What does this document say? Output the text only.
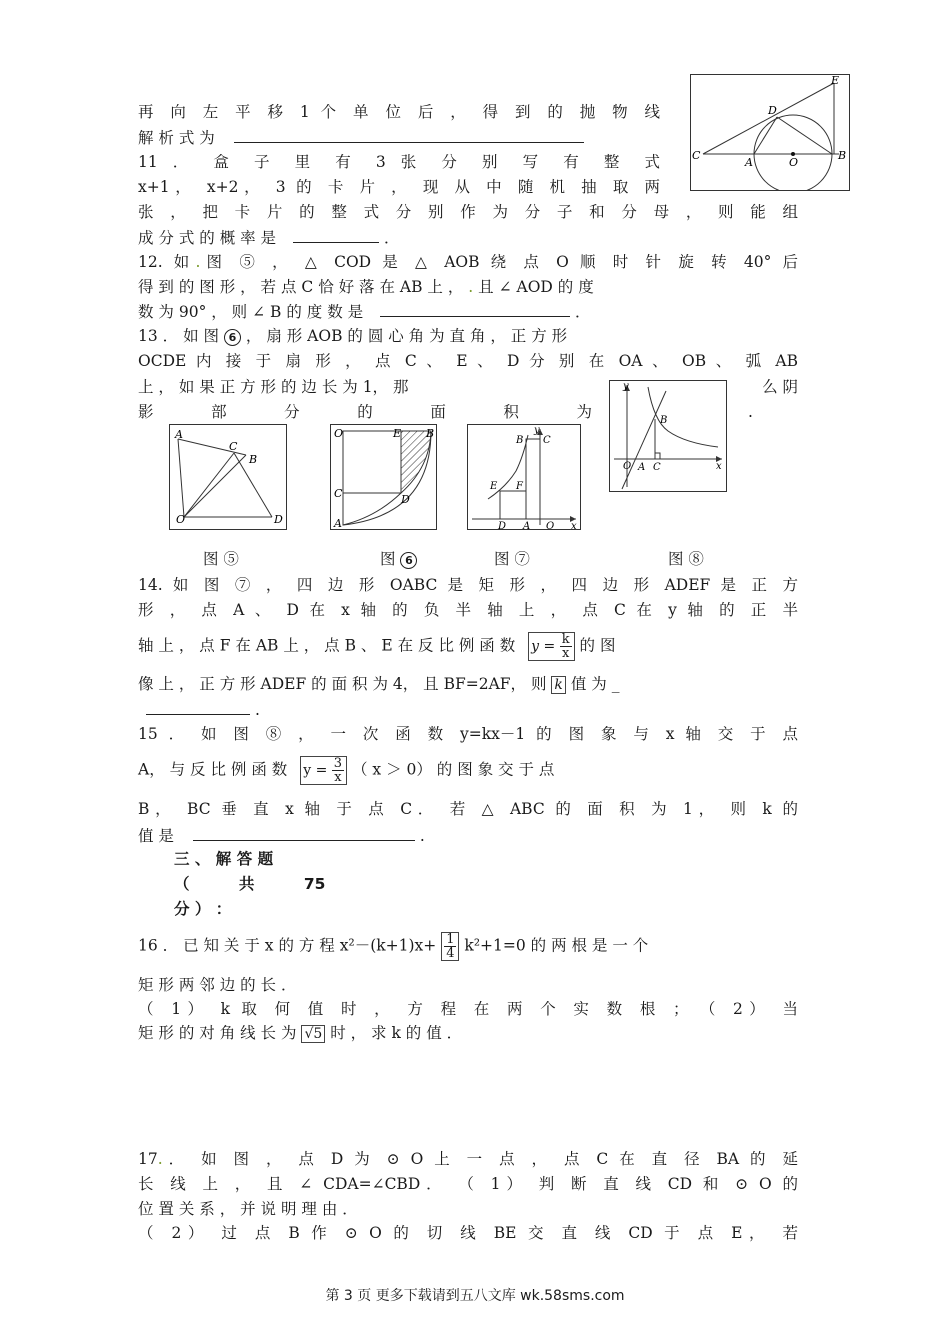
E
D
C
A	O
B
再 向 左 平 移 1 个 单 位 后 ， 得 到 的 抛 物 线
解 析 式 为
11 ． 盒 子 里 有 3 张 分 别 写 有 整 式
x+1， x+2， 3 的 卡 片 ， 现 从 中 随 机 抽 取 两
张 ， 把 卡 片 的 整 式 分 别 作 为 分 子 和 分 母 ， 则 能 组
成 分 式 的 概 率 是	．
12. 如.图 ⑤ ， △ COD 是 △ AOB 绕 点 O 顺 时 针 旋 转 40° 后
得 到 的 图 形 ， 若 点 C 恰 好 落 在 AB 上 ， . 且 ∠ AOD 的 度
数 为 90° ， 则 ∠ B 的 度 数 是	．
13 ． 如 图 6 ， 扇 形 AOB 的 圆 心 角 为 直 角 ， 正 方 形
OCDE 内 接 于 扇 形 ， 点 C 、 E 、 D 分 别 在 OA 、 OB 、 弧 AB
上 ， 如 果 正 方 形 的 边 长 为 1， 那	么 阴
影 部 分 的 面 积 为	.
y
B
O A C	x
A
C
B
O	D
O	E B
C	D
A
y
B C
E F
D A O x
图 ⑤	图 6	图 ⑦	图 ⑧
14. 如 图 ⑦ ， 四 边 形 OABC 是 矩 形 ， 四 边 形 ADEF 是 正 方
形 ， 点 A 、 D 在 x 轴 的 负 半 轴 上 ， 点 C 在 y 轴 的 正 半
轴 上 ， 点 F 在 AB 上 ， 点 B 、 E 在 反 比 例 函 数 $y = \frac{k}{x}$ 的 图
像 上 ， 正 方 形 ADEF 的 面 积 为 4， 且 BF=2AF， 则 k 值 为 _
.
15 ． 如 图 ⑧ ， 一 次 函 数 y=kx－1 的 图 象 与 x 轴 交 于 点
A， 与 反 比 例 函 数 $y = \frac{3}{x}$ （ x ＞ 0） 的 图 象 交 于 点
B， BC 垂 直 x 轴 于 点 C． 若 △ ABC 的 面 积 为 1， 则 k 的
值 是	.
三 、 解 答 题
（	共	75
分 ） ：
16 ． 已 知 关 于 x 的 方 程 $x^2-(k+1)x+ \frac{1}{4} k^2+1=0$ 的 两 根 是 一 个
矩 形 两 邻 边 的 长 ．
（ 1） k 取 何 值 时 ， 方 程 在 两 个 实 数 根 ； （ 2） 当
矩 形 的 对 角 线 长 为 √5 时 ， 求 k 的 值 ．
17.． 如 图 ， 点 D 为 ⊙ O 上 一 点 ， 点 C 在 直 径 BA 的 延
长 线 上 ， 且 ∠ CDA=∠CBD． （ 1） 判 断 直 线 CD 和 ⊙ O 的
位 置 关 系 ， 并 说 明 理 由 ．
（ 2） 过 点 B 作 ⊙ O 的 切 线 BE 交 直 线 CD 于 点 E， 若
第 3 页 更多下载请到五八文库 wk.58sms.com
